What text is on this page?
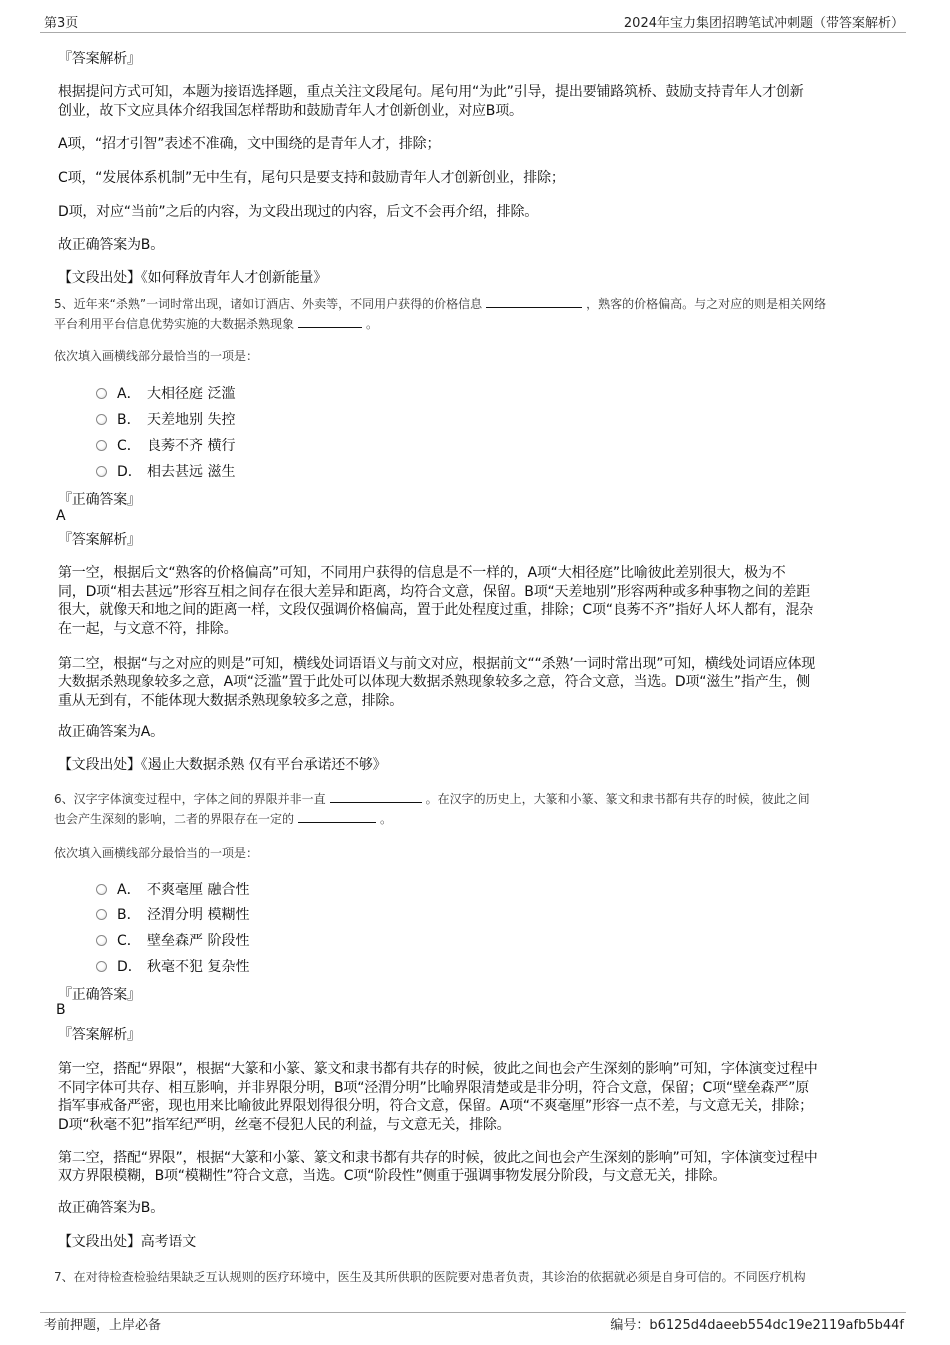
第3页	2024年宝力集团招聘笔试冲刺题（带答案解析）
『答案解析』
根据提问方式可知，本题为接语选择题，重点关注文段尾句。尾句用“为此”引导，提出要铺路筑桥、鼓励支持青年人才创新
创业，故下文应具体介绍我国怎样帮助和鼓励青年人才创新创业，对应B项。
A项，“招才引智”表述不准确，文中围绕的是青年人才，排除；
C项，“发展体系机制”无中生有，尾句只是要支持和鼓励青年人才创新创业，排除；
D项，对应“当前”之后的内容，为文段出现过的内容，后文不会再介绍，排除。
故正确答案为B。
【文段出处】《如何释放青年人才创新能量》
5、近年来“杀熟”一词时常出现，诸如订酒店、外卖等，不同用户获得的价格信息	，熟客的价格偏高。与之对应的则是相关网络
平台利用平台信息优势实施的大数据杀熟现象	。
依次填入画横线部分最恰当的一项是：
A． 大相径庭 泛滥
B． 天差地别 失控
C． 良莠不齐 横行
D． 相去甚远 滋生
『正确答案』
A
『答案解析』
第一空，根据后文“熟客的价格偏高”可知，不同用户获得的信息是不一样的，A项“大相径庭”比喻彼此差别很大，极为不
同，D项“相去甚远”形容互相之间存在很大差异和距离，均符合文意，保留。B项“天差地别”形容两种或多种事物之间的差距
很大，就像天和地之间的距离一样，文段仅强调价格偏高，置于此处程度过重，排除；C项“良莠不齐”指好人坏人都有，混杂
在一起，与文意不符，排除。
第二空，根据“与之对应的则是”可知，横线处词语语义与前文对应，根据前文““杀熟’一词时常出现”可知，横线处词语应体现
大数据杀熟现象较多之意，A项“泛滥”置于此处可以体现大数据杀熟现象较多之意，符合文意，当选。D项“滋生”指产生，侧
重从无到有，不能体现大数据杀熟现象较多之意，排除。
故正确答案为A。
【文段出处】《遏止大数据杀熟 仅有平台承诺还不够》
6、汉字字体演变过程中，字体之间的界限并非一直	。在汉字的历史上，大篆和小篆、篆文和隶书都有共存的时候，彼此之间
也会产生深刻的影响，二者的界限存在一定的	。
依次填入画横线部分最恰当的一项是：
A． 不爽毫厘 融合性
B． 泾渭分明 模糊性
C． 壁垒森严 阶段性
D． 秋毫不犯 复杂性
『正确答案』
B
『答案解析』
第一空，搭配“界限”，根据“大篆和小篆、篆文和隶书都有共存的时候，彼此之间也会产生深刻的影响”可知，字体演变过程中
不同字体可共存、相互影响，并非界限分明，B项“泾渭分明”比喻界限清楚或是非分明，符合文意，保留；C项“壁垒森严”原
指军事戒备严密，现也用来比喻彼此界限划得很分明，符合文意，保留。A项“不爽毫厘”形容一点不差，与文意无关，排除；
D项“秋毫不犯”指军纪严明，丝毫不侵犯人民的利益，与文意无关，排除。
第二空，搭配“界限”，根据“大篆和小篆、篆文和隶书都有共存的时候，彼此之间也会产生深刻的影响”可知，字体演变过程中
双方界限模糊，B项“模糊性”符合文意，当选。C项“阶段性”侧重于强调事物发展分阶段，与文意无关，排除。
故正确答案为B。
【文段出处】高考语文
7、在对待检查检验结果缺乏互认规则的医疗环境中，医生及其所供职的医院要对患者负责，其诊治的依据就必须是自身可信的。不同医疗机构
考前押题，上岸必备	编号：b6125d4daeeb554dc19e2119afb5b44f
